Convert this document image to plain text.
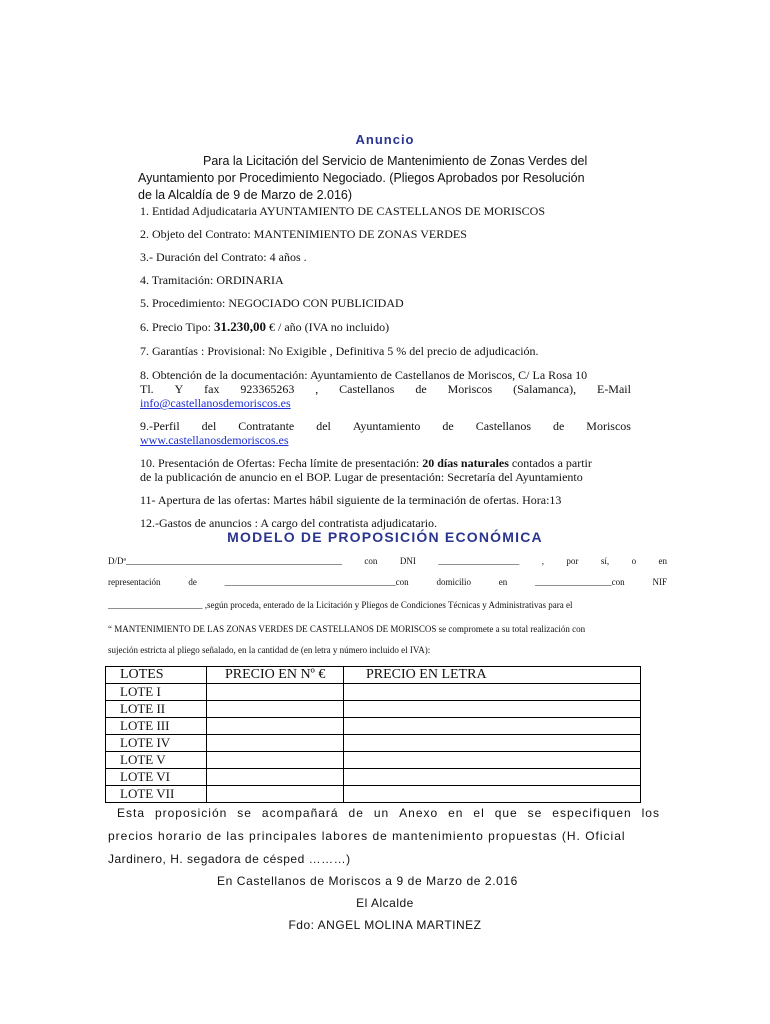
Anuncio
Para la Licitación del Servicio de Mantenimiento de Zonas Verdes del
Ayuntamiento por Procedimiento Negociado. (Pliegos Aprobados por Resolución
de la Alcaldía de 9 de Marzo de 2.016)
1. Entidad Adjudicataria AYUNTAMIENTO DE CASTELLANOS DE MORISCOS
2. Objeto del Contrato: MANTENIMIENTO DE ZONAS VERDES
3.- Duración del Contrato: 4 años .
4. Tramitación: ORDINARIA
5. Procedimiento: NEGOCIADO CON PUBLICIDAD
6. Precio Tipo: 31.230,00 € / año (IVA no incluido)
7. Garantías : Provisional: No Exigible , Definitiva 5 % del precio de adjudicación.
8. Obtención de la documentación: Ayuntamiento de Castellanos de Moriscos, C/ La Rosa 10
Tl. Y fax 923365263 , Castellanos de Moriscos (Salamanca), E-Mail
info@castellanosdemoriscos.es
9.-Perfil del Contratante del Ayuntamiento de Castellanos de Moriscos
www.castellanosdemoriscos.es
10. Presentación de Ofertas: Fecha límite de presentación: 20 días naturales contados a partir
de la publicación de anuncio en el BOP. Lugar de presentación: Secretaría del Ayuntamiento
11- Apertura de las ofertas: Martes hábil siguiente de la terminación de ofertas. Hora:13
12.-Gastos de anuncios : A cargo del contratista adjudicatario.
MODELO DE PROPOSICIÓN ECONÓMICA
D/Dª________________________________________________ con DNI __________________ , por sí, o en
representación	de	______________________________________con	domicilio	en	_________________con	NIF
_____________________ ,según proceda, enterado de la Licitación y Pliegos de Condiciones Técnicas y Administrativas para el
“ MANTENIMIENTO DE LAS ZONAS VERDES DE CASTELLANOS DE MORISCOS se compromete a su total realización con
sujeción estricta al pliego señalado, en la cantidad de (en letra y número incluido el IVA):
LOTES	PRECIO EN Nº €	PRECIO EN LETRA
LOTE I		
LOTE II		
LOTE III		
LOTE IV		
LOTE V		
LOTE VI		
LOTE VII		
Esta proposición se acompañará de un Anexo en el que se especifiquen los
precios horario de las principales labores de mantenimiento propuestas (H. Oficial
Jardinero, H. segadora de césped ………)
En Castellanos de Moriscos a 9 de Marzo de 2.016
El Alcalde
Fdo: ANGEL MOLINA MARTINEZ
